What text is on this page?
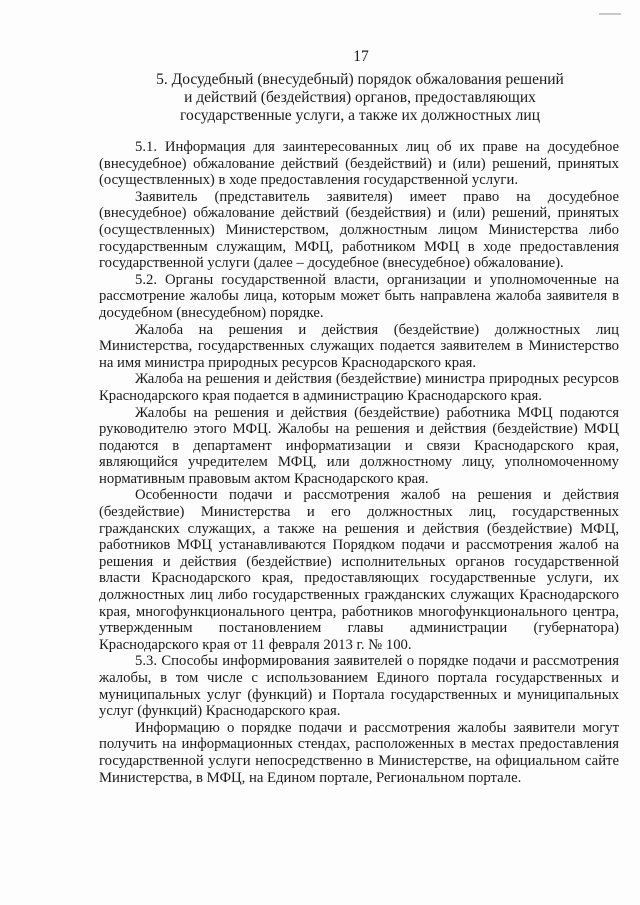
17
5. Досудебный (внесудебный) порядок обжалования решений
и действий (бездействия) органов, предоставляющих
государственные услуги, а также их должностных лиц

5.1. Информация для заинтересованных лиц об их праве на досудебное (внесудебное) обжалование действий (бездействий) и (или) решений, принятых (осуществленных) в ходе предоставления государственной услуги.

Заявитель (представитель заявителя) имеет право на досудебное (внесудебное) обжалование действий (бездействия) и (или) решений, принятых (осуществленных) Министерством, должностным лицом Министерства либо государственным служащим, МФЦ, работником МФЦ в ходе предоставления государственной услуги (далее – досудебное (внесудебное) обжалование).

5.2. Органы государственной власти, организации и уполномоченные на рассмотрение жалобы лица, которым может быть направлена жалоба заявителя в досудебном (внесудебном) порядке.

Жалоба на решения и действия (бездействие) должностных лиц Министерства, государственных служащих подается заявителем в Министерство на имя министра природных ресурсов Краснодарского края.

Жалоба на решения и действия (бездействие) министра природных ресурсов Краснодарского края подается в администрацию Краснодарского края.

Жалобы на решения и действия (бездействие) работника МФЦ подаются руководителю этого МФЦ. Жалобы на решения и действия (бездействие) МФЦ подаются в департамент информатизации и связи Краснодарского края, являющийся учредителем МФЦ, или должностному лицу, уполномоченному нормативным правовым актом Краснодарского края.

Особенности подачи и рассмотрения жалоб на решения и действия (бездействие) Министерства и его должностных лиц, государственных гражданских служащих, а также на решения и действия (бездействие) МФЦ, работников МФЦ устанавливаются Порядком подачи и рассмотрения жалоб на решения и действия (бездействие) исполнительных органов государственной власти Краснодарского края, предоставляющих государственные услуги, их должностных лиц либо государственных гражданских служащих Краснодарского края, многофункционального центра, работников многофункционального центра, утвержденным постановлением главы администрации (губернатора) Краснодарского края от 11 февраля 2013 г. № 100.

5.3. Способы информирования заявителей о порядке подачи и рассмотрения жалобы, в том числе с использованием Единого портала государственных и муниципальных услуг (функций) и Портала государственных и муниципальных услуг (функций) Краснодарского края.

Информацию о порядке подачи и рассмотрения жалобы заявители могут получить на информационных стендах, расположенных в местах предоставления государственной услуги непосредственно в Министерстве, на официальном сайте Министерства, в МФЦ, на Едином портале, Региональном портале.
